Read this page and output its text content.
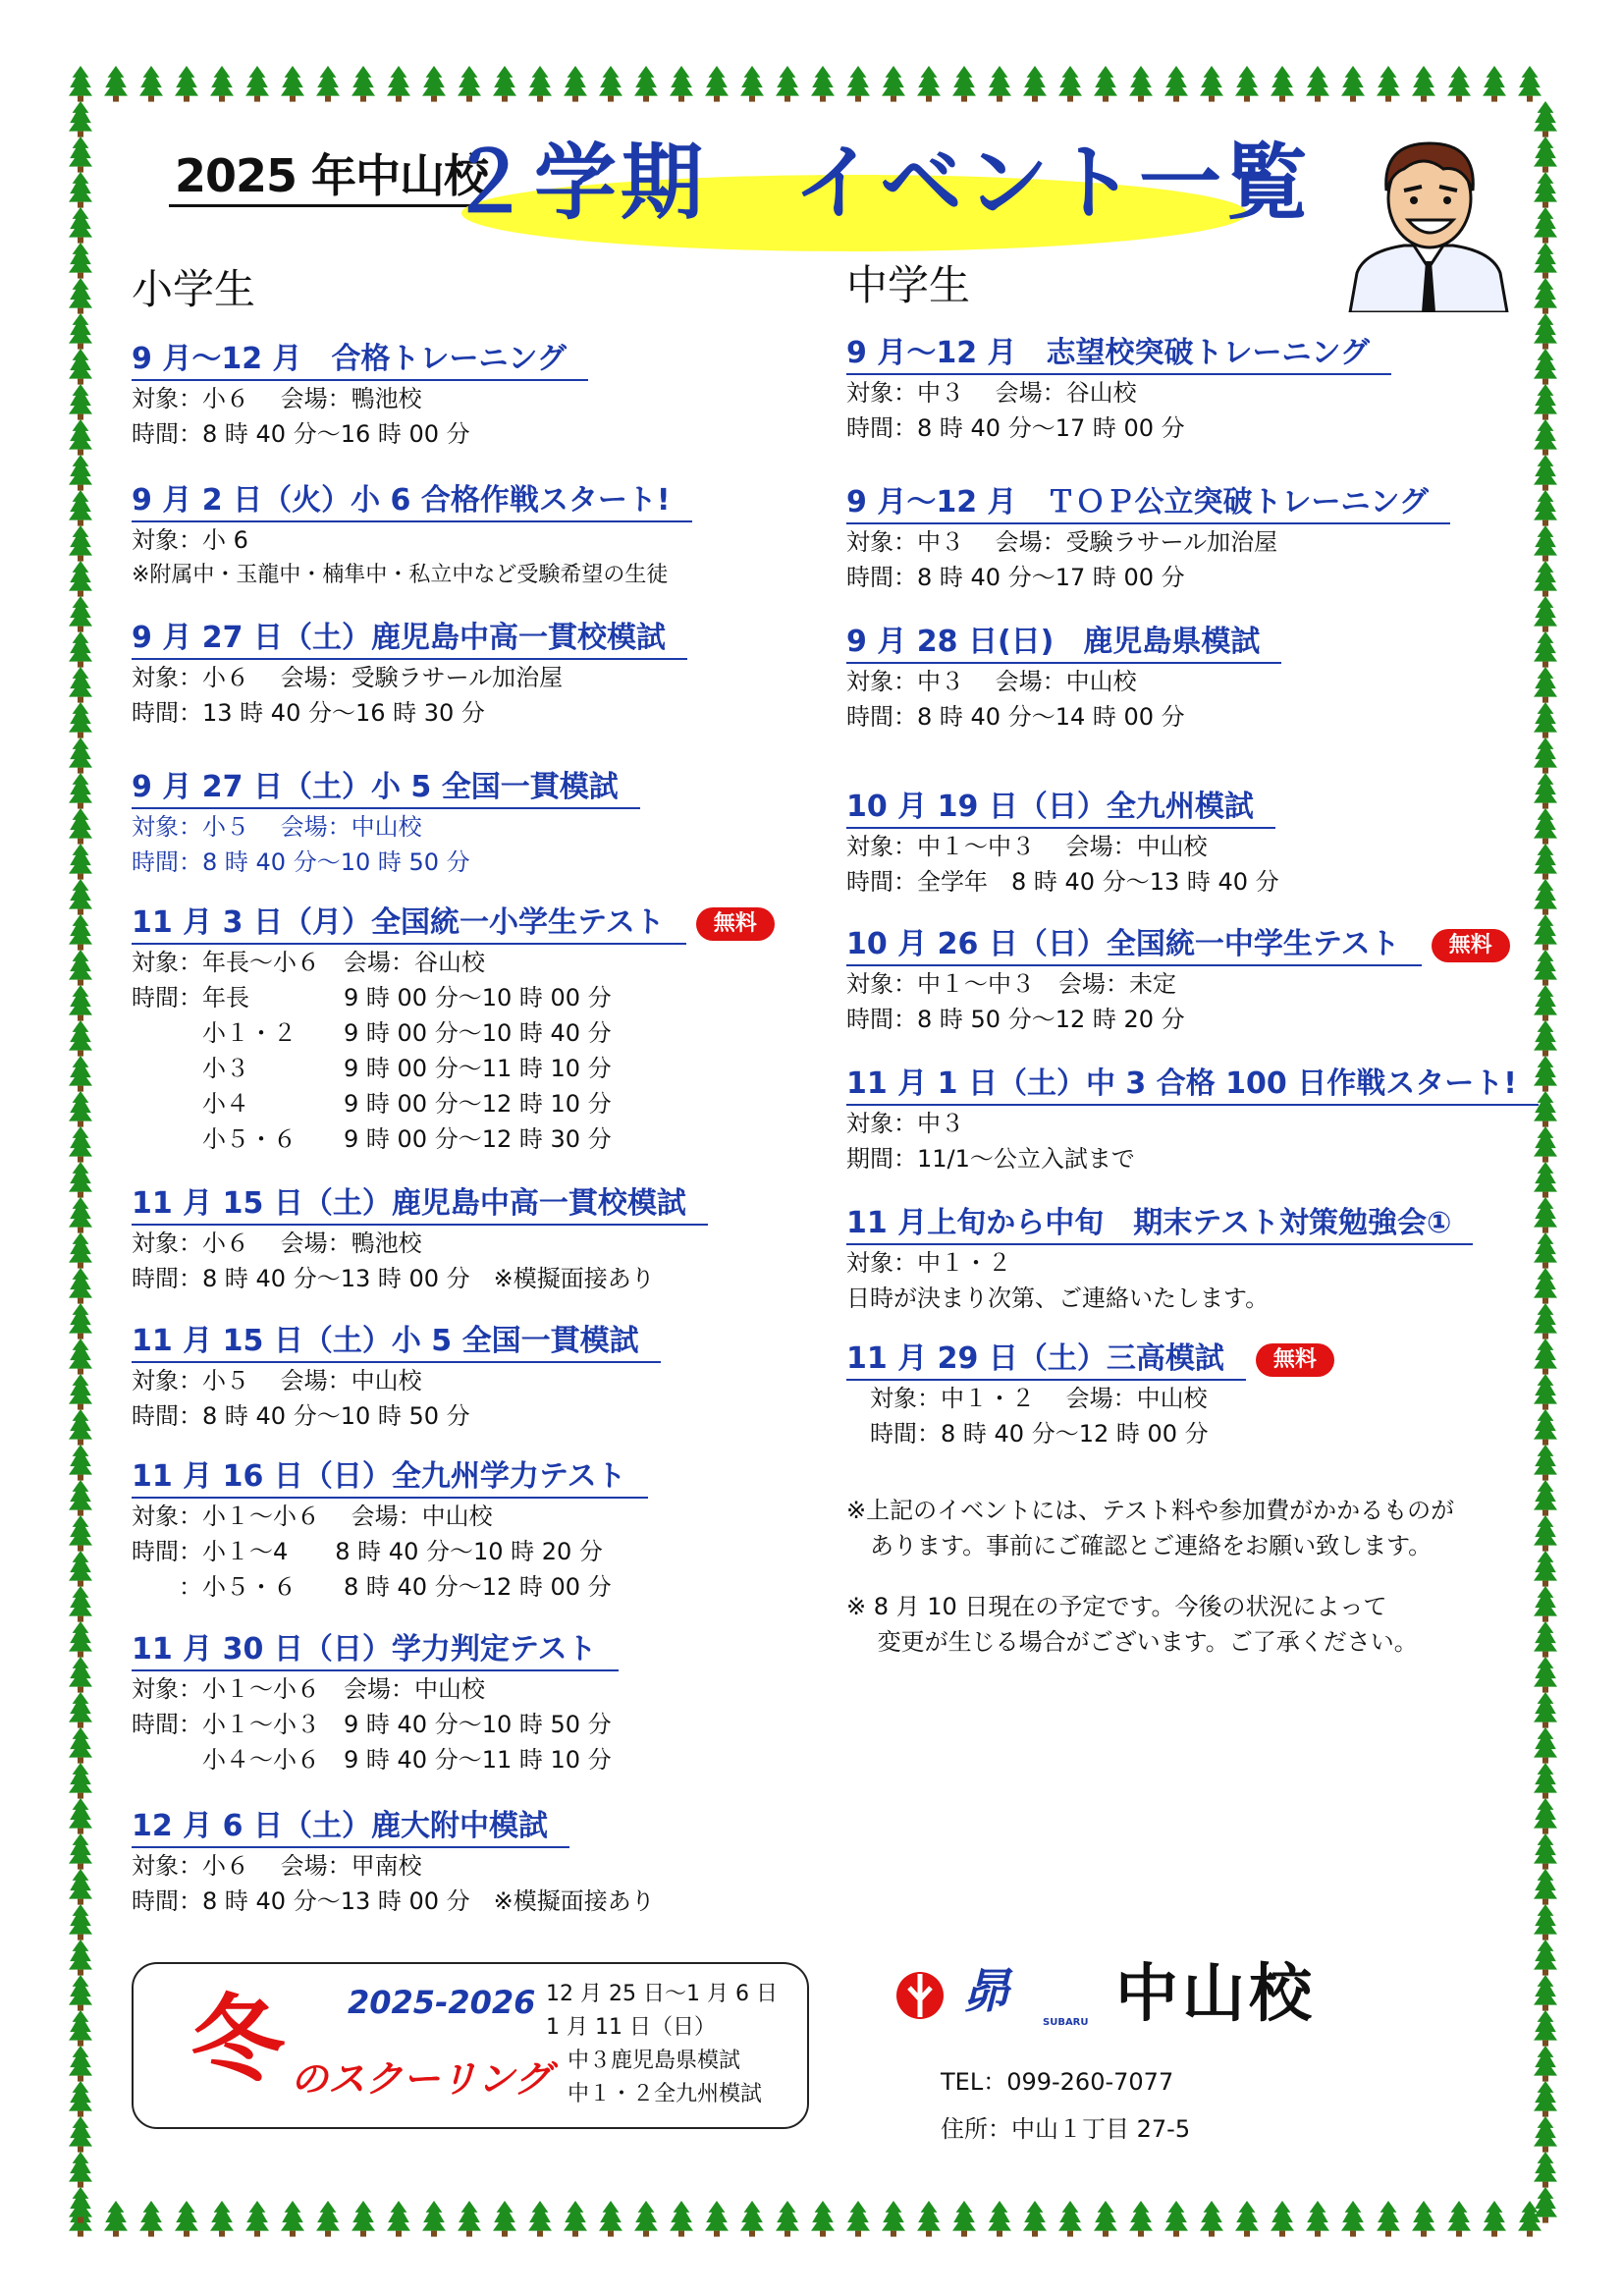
2025 年中山校
２学期　イベント一覧
小学生	中学生
9 月～12 月　合格トレーニング
対象：小６　 会場：鴨池校
時間：8 時 40 分～16 時 00 分
9 月 2 日（火）小 6 合格作戦スタート!
対象：小 6
※附属中・玉龍中・楠隼中・私立中など受験希望の生徒
9 月 27 日（土）鹿児島中高一貫校模試
対象：小６　 会場：受験ラサール加治屋
時間：13 時 40 分～16 時 30 分
9 月 27 日（土）小 5 全国一貫模試
対象：小５　 会場：中山校
時間：8 時 40 分～10 時 50 分
11 月 3 日（月）全国統一小学生テスト 無料
対象：年長～小６　会場：谷山校
時間：年長　　　　9 時 00 分～10 時 00 分
　　　小１・２　　9 時 00 分～10 時 40 分
　　　小３　　　　9 時 00 分～11 時 10 分
　　　小４　　　　9 時 00 分～12 時 10 分
　　　小５・６　　9 時 00 分～12 時 30 分
11 月 15 日（土）鹿児島中高一貫校模試
対象：小６　 会場：鴨池校
時間：8 時 40 分～13 時 00 分　※模擬面接あり
11 月 15 日（土）小 5 全国一貫模試
対象：小５　 会場：中山校
時間：8 時 40 分～10 時 50 分
11 月 16 日（日）全九州学力テスト
対象：小１～小６　 会場：中山校
時間：小１～4　　8 時 40 分～10 時 20 分
　　：小５・６　　8 時 40 分～12 時 00 分
11 月 30 日（日）学力判定テスト
対象：小１～小６　会場：中山校
時間：小１～小３　9 時 40 分～10 時 50 分
　　　小４～小６　9 時 40 分～11 時 10 分
12 月 6 日（土）鹿大附中模試
対象：小６　 会場：甲南校
時間：8 時 40 分～13 時 00 分　※模擬面接あり
9 月～12 月　志望校突破トレーニング
対象：中３　 会場：谷山校
時間：8 時 40 分～17 時 00 分
9 月～12 月　ＴＯＰ公立突破トレーニング
対象：中３　 会場：受験ラサール加治屋
時間：8 時 40 分～17 時 00 分
9 月 28 日(日)　鹿児島県模試
対象：中３　 会場：中山校
時間：8 時 40 分～14 時 00 分
10 月 19 日（日）全九州模試
対象：中１～中３　 会場：中山校
時間：全学年　8 時 40 分～13 時 40 分
10 月 26 日（日）全国統一中学生テスト 無料
対象：中１～中３　会場：未定
時間：8 時 50 分～12 時 20 分
11 月 1 日（土）中 3 合格 100 日作戦スタート!
対象：中３
期間：11/1～公立入試まで
11 月上旬から中旬　期末テスト対策勉強会①
対象：中１・２
日時が決まり次第、ご連絡いたします。
11 月 29 日（土）三高模試 無料
　対象：中１・２　 会場：中山校
　時間：8 時 40 分～12 時 00 分
※上記のイベントには、テスト料や参加費がかかるものが
　あります。事前にご確認とご連絡をお願い致します。
※ 8 月 10 日現在の予定です。今後の状況によって
　 変更が生じる場合がございます。ご了承ください。
冬 2025-2026
のスクーリング
12 月 25 日～1 月 6 日
1 月 11 日（日）
　中３鹿児島県模試
　中１・２全九州模試
昴
SUBARU 中山校
TEL：099-260-7077
住所：中山１丁目 27-5
